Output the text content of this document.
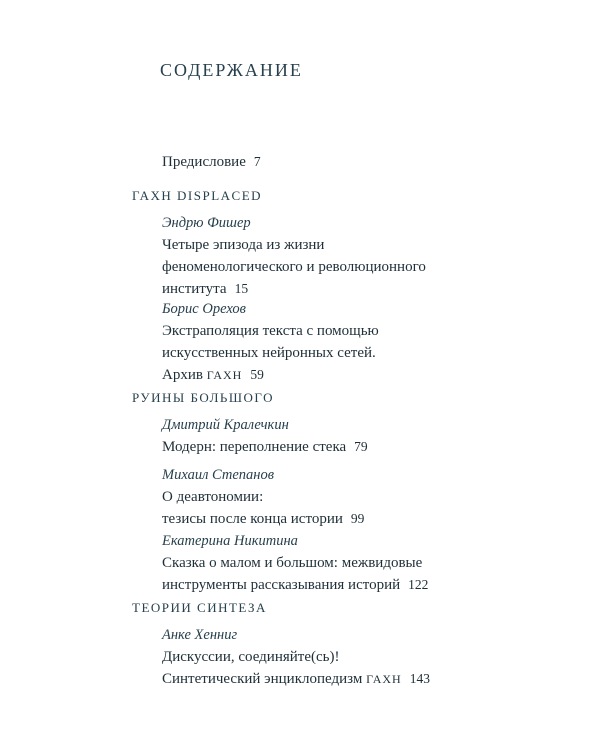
СОДЕРЖАНИЕ
Предисловие 7
ГАХН DISPLACED
Эндрю Фишер
Четыре эпизода из жизни
феноменологического и революционного
института 15
Борис Орехов
Экстраполяция текста с помощью
искусственных нейронных сетей.
Архив ГАХН 59
РУИНЫ БОЛЬШОГО
Дмитрий Кралечкин
Модерн: переполнение стека 79
Михаил Степанов
О деавтономии:
тезисы после конца истории 99
Екатерина Никитина
Сказка о малом и большом: межвидовые
инструменты рассказывания историй 122
ТЕОРИИ СИНТЕЗА
Анке Хенниг
Дискуссии, соединяйте(сь)!
Синтетический энциклопедизм ГАХН 143
